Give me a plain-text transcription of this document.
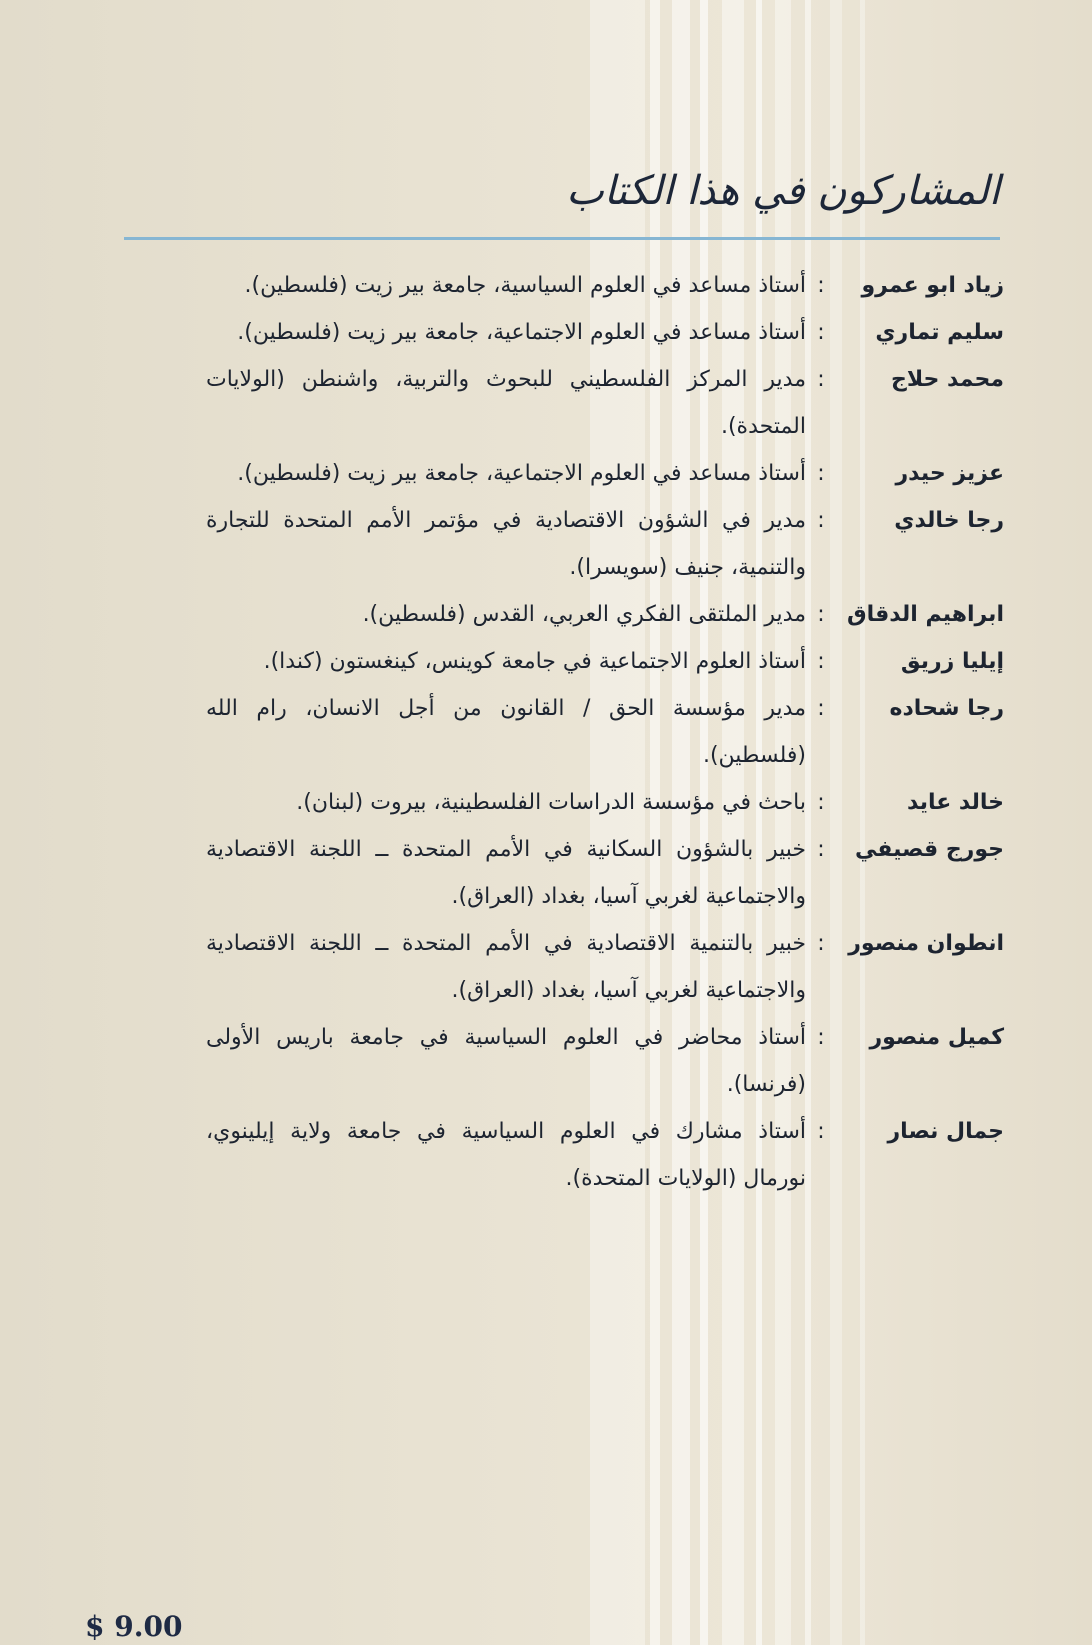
المشاركون في هذا الكتاب
زياد ابو عمرو
:
أستاذ مساعد في العلوم السياسية، جامعة بير زيت (فلسطين).
سليم تماري
:
أستاذ مساعد في العلوم الاجتماعية، جامعة بير زيت (فلسطين).
محمد حلاج
:
مدير المركز الفلسطيني للبحوث والتربية، واشنطن (الولايات المتحدة).
عزيز حيدر
:
أستاذ مساعد في العلوم الاجتماعية، جامعة بير زيت (فلسطين).
رجا خالدي
:
مدير في الشؤون الاقتصادية في مؤتمر الأمم المتحدة للتجارة والتنمية، جنيف (سويسرا).
ابراهيم الدقاق
:
مدير الملتقى الفكري العربي، القدس (فلسطين).
إيليا زريق
:
أستاذ العلوم الاجتماعية في جامعة كوينس، كينغستون (كندا).
رجا شحاده
:
مدير مؤسسة الحق / القانون من أجل الانسان، رام الله (فلسطين).
خالد عايد
:
باحث في مؤسسة الدراسات الفلسطينية، بيروت (لبنان).
جورج قصيفي
:
خبير بالشؤون السكانية في الأمم المتحدة ــ اللجنة الاقتصادية والاجتماعية لغربي آسيا، بغداد (العراق).
انطوان منصور
:
خبير بالتنمية الاقتصادية في الأمم المتحدة ــ اللجنة الاقتصادية والاجتماعية لغربي آسيا، بغداد (العراق).
كميل منصور
:
أستاذ محاضر في العلوم السياسية في جامعة باريس الأولى (فرنسا).
جمال نصار
:
أستاذ مشارك في العلوم السياسية في جامعة ولاية إيلينوي، نورمال (الولايات المتحدة).
$ 9.00
